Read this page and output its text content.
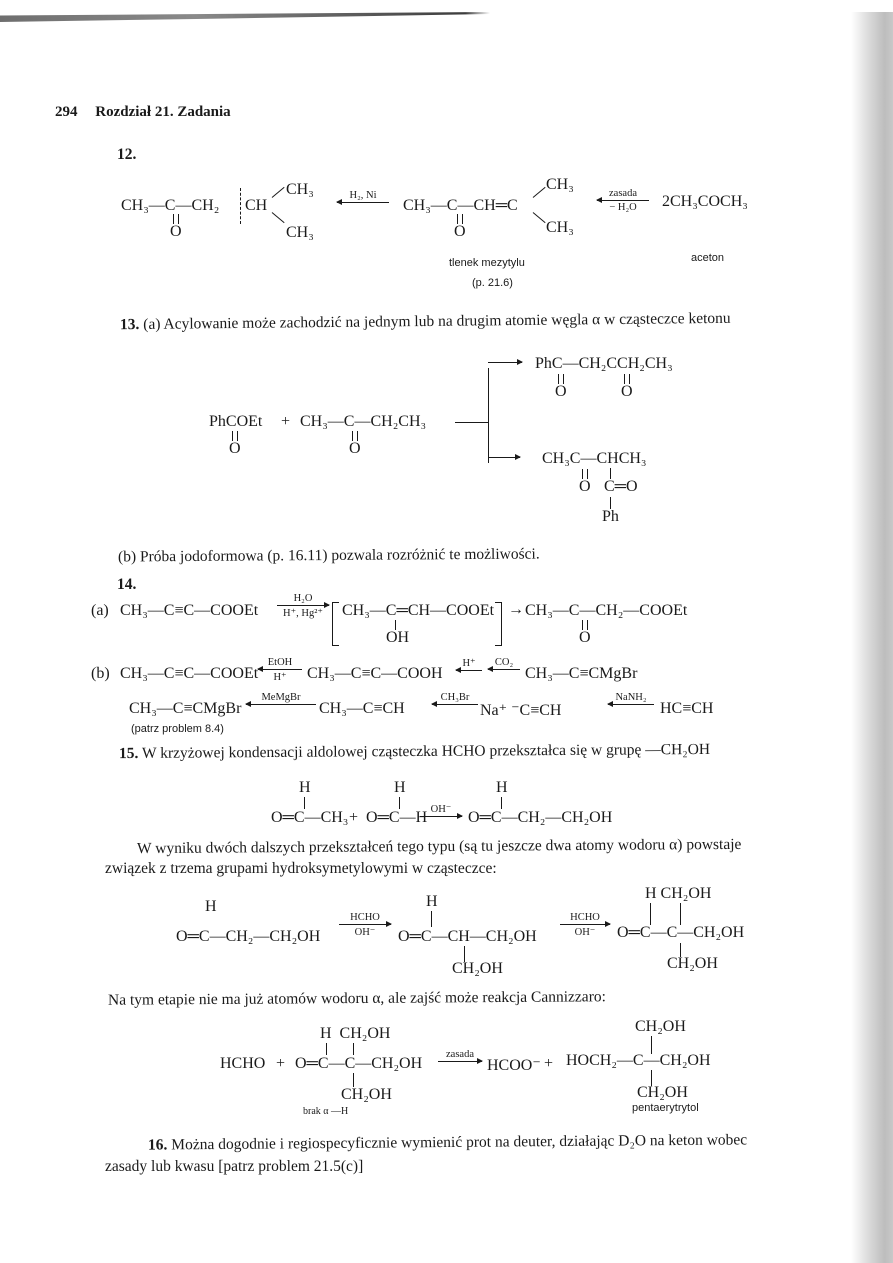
294 Rozdział 21. Zadania
12.
CH₃—C—CH₂ CH
O
CH₃
CH₃
H₂, Ni
CH₃—C—CH═C
O
CH₃
CH₃
tlenek mezytylu
(p. 21.6)
zasada
− H₂O	2CH₃COCH₃
aceton
13. (a) Acylowanie może zachodzić na jednym lub na drugim atomie węgla α w cząsteczce ketonu
PhCOEt
O
+ CH₃—C—CH₂CH₃
O
PhC—CH₂CCH₂CH₃
O	O
CH₃C—CHCH₃
O C═O
Ph
(b) Próba jodoformowa (p. 16.11) pozwala rozróżnić te możliwości.
14.
(a) CH₃—C≡C—COOEt
H₂O
H⁺, Hg²⁺	CH₃—C═CH—COOEt
OH
→ CH₃—C—CH₂—COOEt
O
(b) CH₃—C≡C—COOEt
EtOH
H⁺	CH₃—C≡C—COOH
H⁺	CO₂
CH₃—C≡CMgBr
CH₃—C≡CMgBr
MeMgBr
CH₃—C≡CH
CH₃Br
Na⁺ ⁻C≡CH
NaNH₂
HC≡CH
(patrz problem 8.4)
15. W krzyżowej kondensacji aldolowej cząsteczka HCHO przekształca się w grupę —CH₂OH
H
O═C—CH₃ +
H
O═C—H OH⁻
H
O═C—CH₂—CH₂OH
W wyniku dwóch dalszych przekształceń tego typu (są tu jeszcze dwa atomy wodoru α) powstaje
związek z trzema grupami hydroksymetylowymi w cząsteczce:
H
O═C—CH₂—CH₂OH
HCHO
OH⁻
H
O═C—CH—CH₂OH
CH₂OH
HCHO
OH⁻
H CH₂OH
O═C—C—CH₂OH
CH₂OH
Na tym etapie nie ma już atomów wodoru α, ale zajść może reakcja Cannizzaro:
H  CH₂OH
HCHO + O═C—C—CH₂OH
CH₂OH
brak α —H
zasada
HCOO⁻ +
CH₂OH
HOCH₂—C—CH₂OH
CH₂OH
pentaerytrytol
16. Można dogodnie i regiospecyficznie wymienić prot na deuter, działając D₂O na keton wobec
zasady lub kwasu [patrz problem 21.5(c)]
